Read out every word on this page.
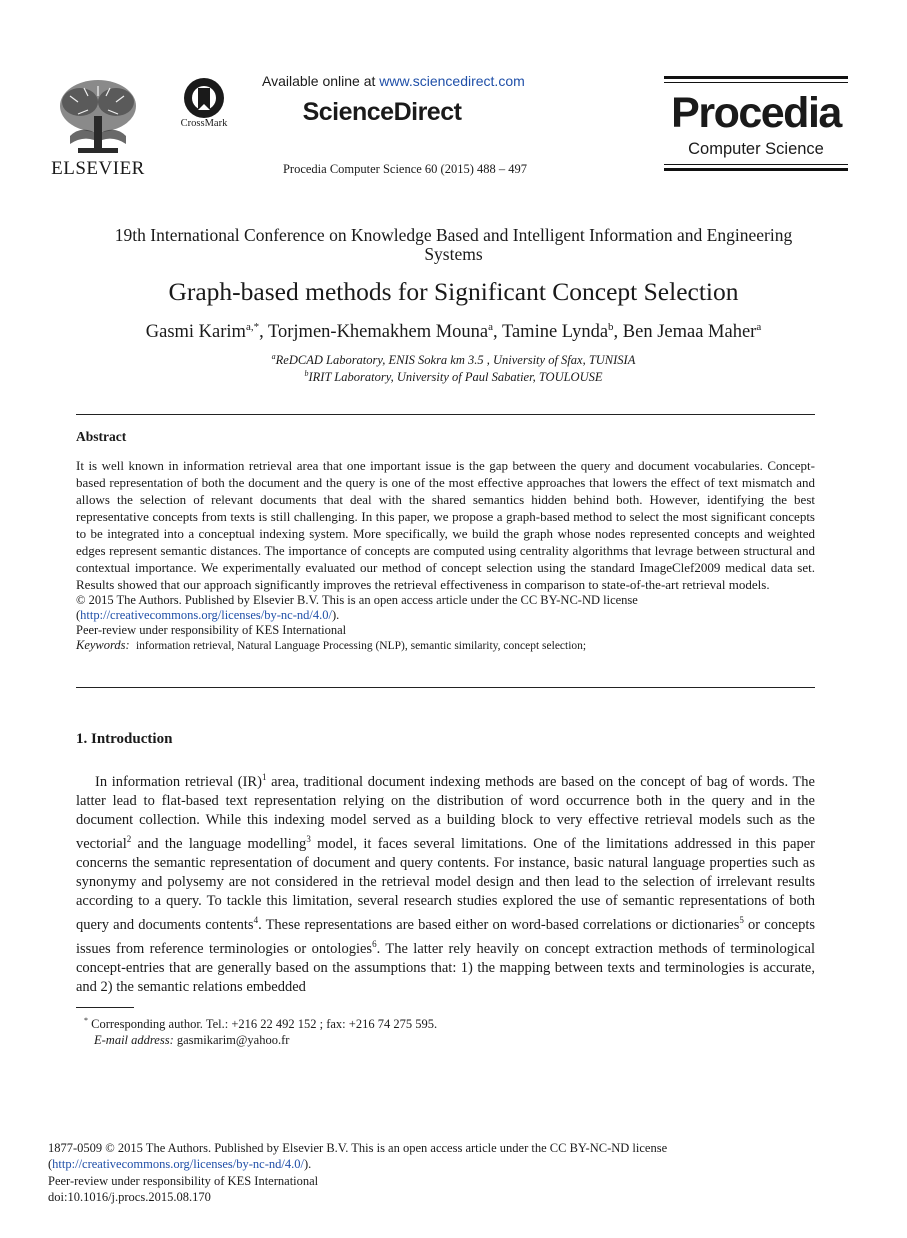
ELSEVIER
CrossMark
Available online at www.sciencedirect.com
ScienceDirect
Procedia Computer Science 60 (2015) 488 – 497
Procedia
Computer Science
19th International Conference on Knowledge Based and Intelligent Information and Engineering
Systems
Graph-based methods for Significant Concept Selection
Gasmi Karim$^{a,*}$, Torjmen-Khemakhem Mouna$^a$, Tamine Lynda$^b$, Ben Jemaa Maher$^a$
$^a$ReDCAD Laboratory, ENIS Sokra km 3.5 , University of Sfax, TUNISIA
$^b$IRIT Laboratory, University of Paul Sabatier, TOULOUSE
Abstract
It is well known in information retrieval area that one important issue is the gap between the query and document vocabularies. Concept-based representation of both the document and the query is one of the most effective approaches that lowers the effect of text mismatch and allows the selection of relevant documents that deal with the shared semantics hidden behind both. However, identifying the best representative concepts from texts is still challenging. In this paper, we propose a graph-based method to select the most significant concepts to be integrated into a conceptual indexing system. More specifically, we build the graph whose nodes represented concepts and weighted edges represent semantic distances. The importance of concepts are computed using centrality algorithms that levrage between structural and contextual importance. We experimentally evaluated our method of concept selection using the standard ImageClef2009 medical data set. Results showed that our approach significantly improves the retrieval effectiveness in comparison to state-of-the-art retrieval models.
© 2015 The Authors. Published by Elsevier B.V. This is an open access article under the CC BY-NC-ND license
(http://creativecommons.org/licenses/by-nc-nd/4.0/).
Peer-review under responsibility of KES International
Keywords: information retrieval, Natural Language Processing (NLP), semantic similarity, concept selection;
1. Introduction
In information retrieval (IR)$^1$ area, traditional document indexing methods are based on the concept of bag of words. The latter lead to flat-based text representation relying on the distribution of word occurrence both in the query and in the document collection. While this indexing model served as a building block to very effective retrieval models such as the vectorial$^2$ and the language modelling$^3$ model, it faces several limitations. One of the limitations addressed in this paper concerns the semantic representation of document and query contents. For instance, basic natural language properties such as synonymy and polysemy are not considered in the retrieval model design and then lead to the selection of irrelevant results according to a query. To tackle this limitation, several research studies explored the use of semantic representations of both query and documents contents$^4$. These representations are based either on word-based correlations or dictionaries$^5$ or concepts issues from reference terminologies or ontologies$^6$. The latter rely heavily on concept extraction methods of terminological concept-entries that are generally based on the assumptions that: 1) the mapping between texts and terminologies is accurate, and 2) the semantic relations embedded
* Corresponding author. Tel.: +216 22 492 152 ; fax: +216 74 275 595.
E-mail address: gasmikarim@yahoo.fr
1877-0509 © 2015 The Authors. Published by Elsevier B.V. This is an open access article under the CC BY-NC-ND license
(http://creativecommons.org/licenses/by-nc-nd/4.0/).
Peer-review under responsibility of KES International
doi:10.1016/j.procs.2015.08.170
